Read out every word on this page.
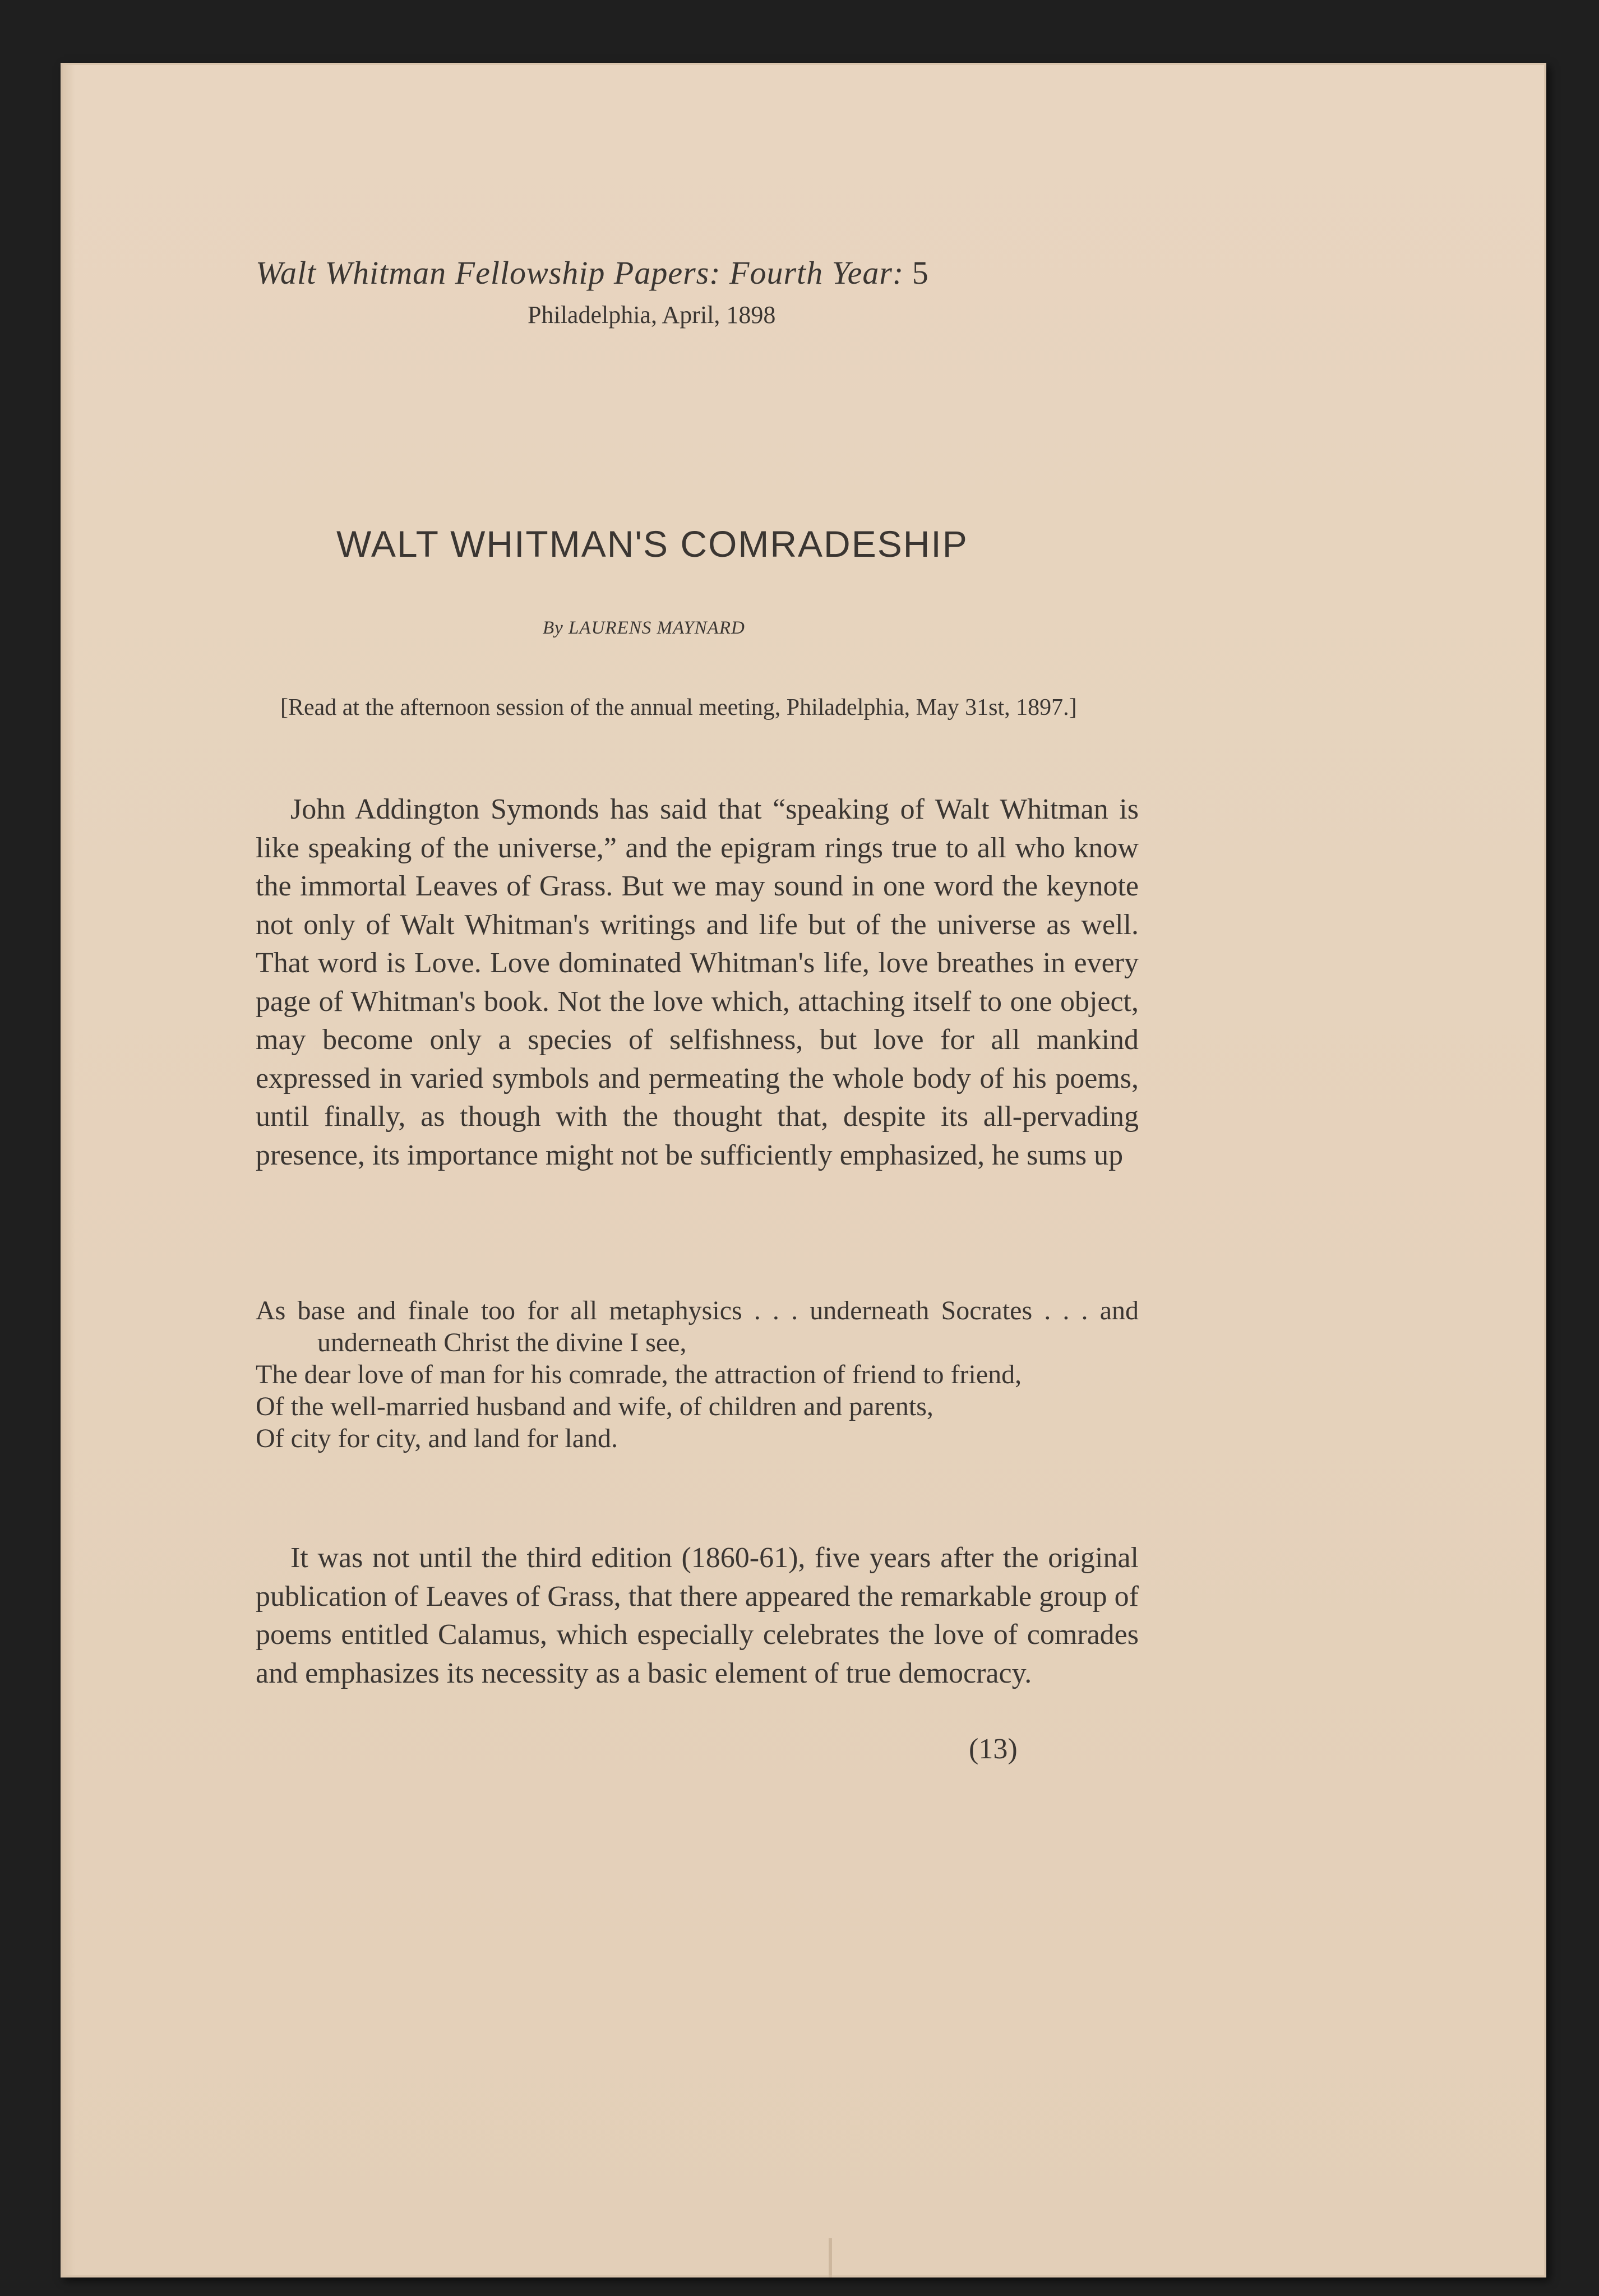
Walt Whitman Fellowship Papers: Fourth Year: 5
Philadelphia, April, 1898
WALT WHITMAN'S COMRADESHIP
By LAURENS MAYNARD
[Read at the afternoon session of the annual meeting, Philadelphia, May 31st, 1897.]

John Addington Symonds has said that “speaking of Walt Whitman is like speaking of the universe,” and the epigram rings true to all who know the immortal Leaves of Grass. But we may sound in one word the keynote not only of Walt Whitman's writings and life but of the universe as well. That word is Love. Love dominated Whitman's life, love breathes in every page of Whitman's book. Not the love which, attaching itself to one object, may become only a species of selfishness, but love for all mankind expressed in varied symbols and permeating the whole body of his poems, until finally, as though with the thought that, despite its all-pervading presence, its importance might not be sufficiently emphasized, he sums up

As base and finale too for all metaphysics . . . underneath Socrates . . . and underneath Christ the divine I see,

The dear love of man for his comrade, the attraction of friend to friend,

Of the well-married husband and wife, of children and parents,

Of city for city, and land for land.

It was not until the third edition (1860-61), five years after the original publication of Leaves of Grass, that there appeared the remarkable group of poems entitled Calamus, which especially celebrates the love of comrades and emphasizes its necessity as a basic element of true democracy.

(13)
